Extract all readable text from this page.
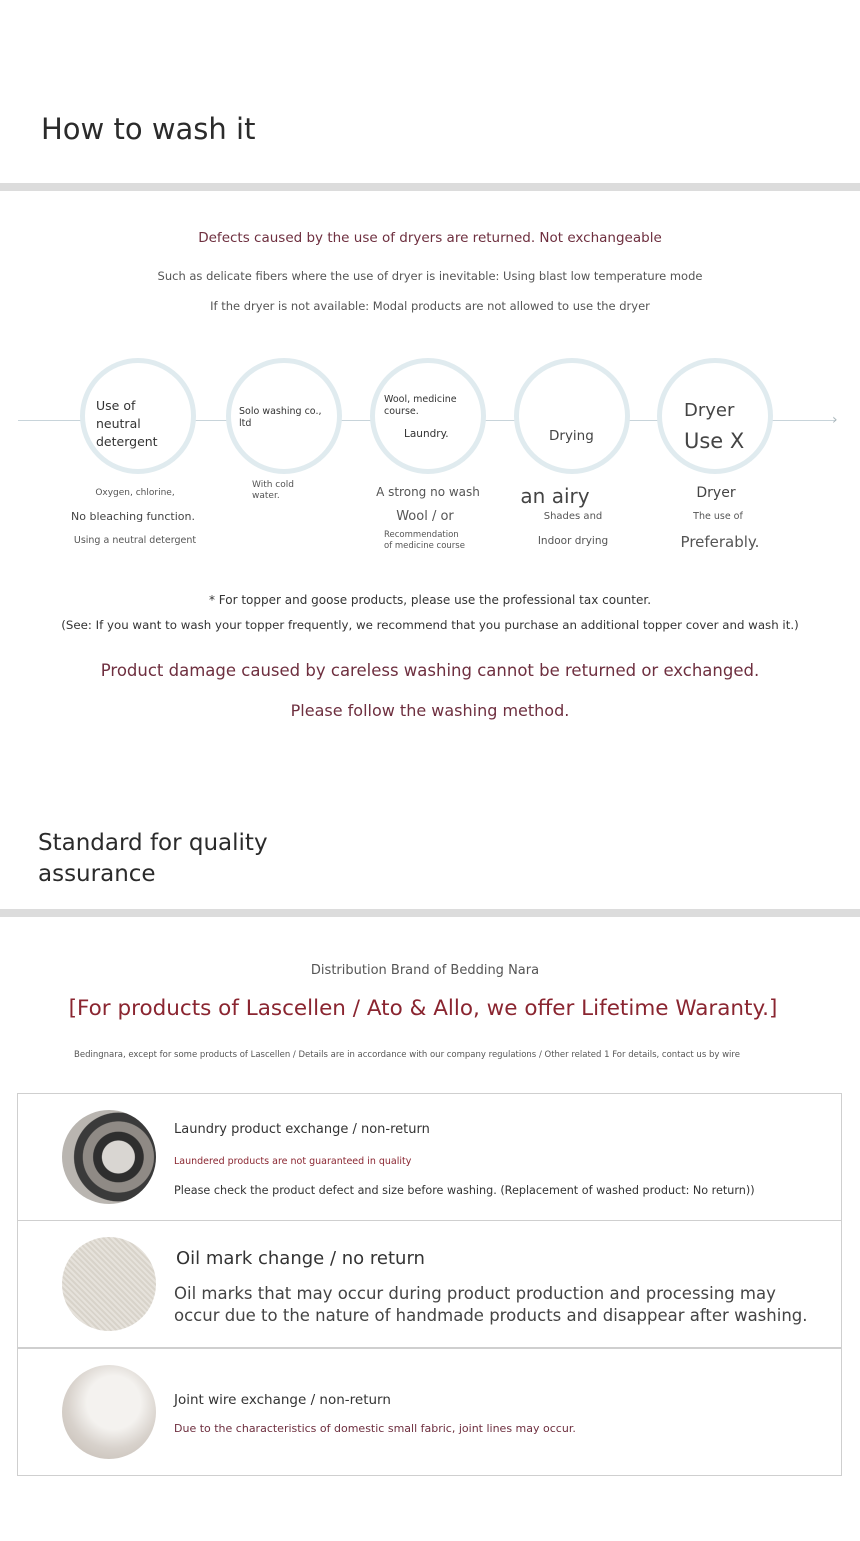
How to wash it
Defects caused by the use of dryers are returned. Not exchangeable
Such as delicate fibers where the use of dryer is inevitable: Using blast low temperature mode
If the dryer is not available: Modal products are not allowed to use the dryer
›
Use of
neutral
detergent
Oxygen, chlorine,
No bleaching function.
Using a neutral detergent
Solo washing co.,
ltd
With cold
water.
Wool, medicine
course.
Laundry.
A strong no wash
Wool / or
Recommendation
of medicine course
Drying
an airy
Shades and
Indoor drying
Dryer
Use X
Dryer
The use of
Preferably.
* For topper and goose products, please use the professional tax counter.
(See: If you want to wash your topper frequently, we recommend that you purchase an additional topper cover and wash it.)
Product damage caused by careless washing cannot be returned or exchanged.
Please follow the washing method.
Standard for quality assurance
Distribution Brand of Bedding Nara
[For products of Lascellen / Ato & Allo, we offer Lifetime Waranty.]
Bedingnara, except for some products of Lascellen / Details are in accordance with our company regulations / Other related 1 For details, contact us by wire
Laundry product exchange / non-return
Laundered products are not guaranteed in quality
Please check the product defect and size before washing. (Replacement of washed product: No return))
Oil mark change / no return
Oil marks that may occur during product production and processing may occur due to the nature of handmade products and disappear after washing.
Joint wire exchange / non-return
Due to the characteristics of domestic small fabric, joint lines may occur.
